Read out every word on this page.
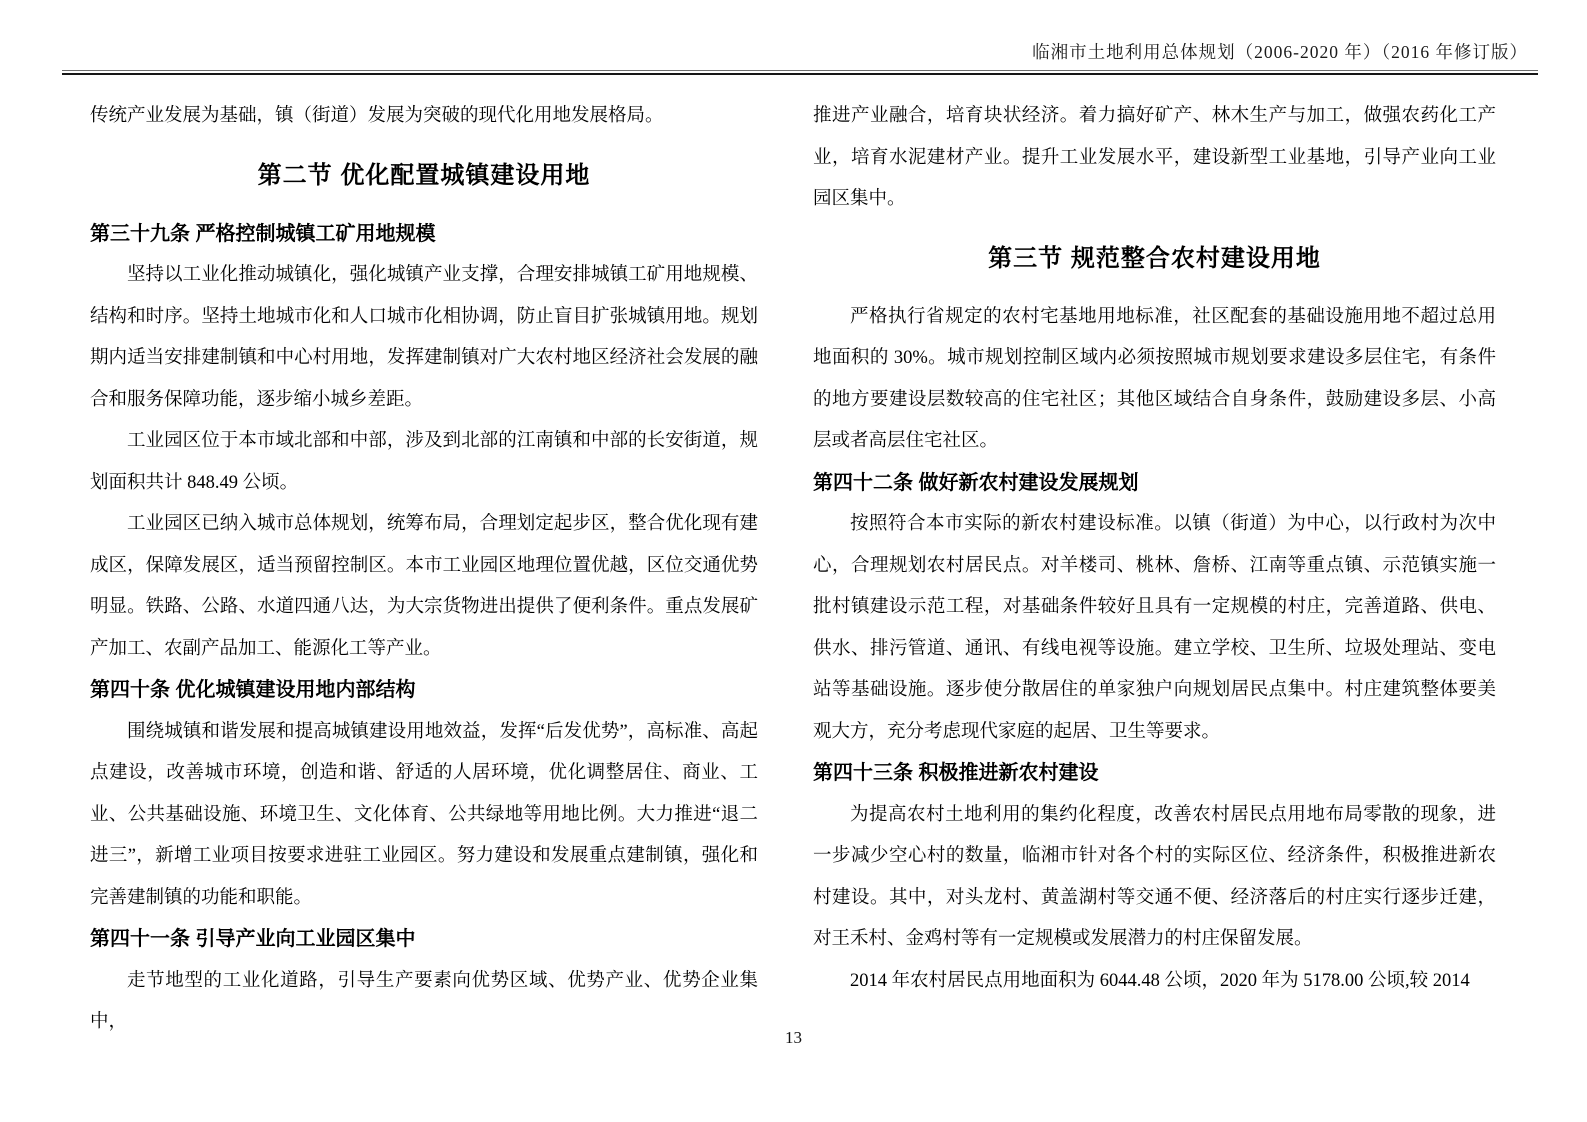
临湘市土地利用总体规划（2006-2020 年）（2016 年修订版）

传统产业发展为基础，镇（街道）发展为突破的现代化用地发展格局。

第二节 优化配置城镇建设用地
第三十九条 严格控制城镇工矿用地规模

坚持以工业化推动城镇化，强化城镇产业支撑，合理安排城镇工矿用地规模、结构和时序。坚持土地城市化和人口城市化相协调，防止盲目扩张城镇用地。规划期内适当安排建制镇和中心村用地，发挥建制镇对广大农村地区经济社会发展的融合和服务保障功能，逐步缩小城乡差距。

工业园区位于本市域北部和中部，涉及到北部的江南镇和中部的长安街道，规划面积共计 848.49 公顷。

工业园区已纳入城市总体规划，统筹布局，合理划定起步区，整合优化现有建成区，保障发展区，适当预留控制区。本市工业园区地理位置优越，区位交通优势明显。铁路、公路、水道四通八达，为大宗货物进出提供了便利条件。重点发展矿产加工、农副产品加工、能源化工等产业。

第四十条 优化城镇建设用地内部结构

围绕城镇和谐发展和提高城镇建设用地效益，发挥“后发优势”，高标准、高起点建设，改善城市环境，创造和谐、舒适的人居环境，优化调整居住、商业、工业、公共基础设施、环境卫生、文化体育、公共绿地等用地比例。大力推进“退二进三”，新增工业项目按要求进驻工业园区。努力建设和发展重点建制镇，强化和完善建制镇的功能和职能。

第四十一条 引导产业向工业园区集中

走节地型的工业化道路，引导生产要素向优势区域、优势产业、优势企业集中，

推进产业融合，培育块状经济。着力搞好矿产、林木生产与加工，做强农药化工产业，培育水泥建材产业。提升工业发展水平，建设新型工业基地，引导产业向工业园区集中。

第三节 规范整合农村建设用地

严格执行省规定的农村宅基地用地标准，社区配套的基础设施用地不超过总用地面积的 30%。城市规划控制区域内必须按照城市规划要求建设多层住宅，有条件的地方要建设层数较高的住宅社区；其他区域结合自身条件，鼓励建设多层、小高层或者高层住宅社区。

第四十二条 做好新农村建设发展规划

按照符合本市实际的新农村建设标准。以镇（街道）为中心，以行政村为次中心，合理规划农村居民点。对羊楼司、桃林、詹桥、江南等重点镇、示范镇实施一批村镇建设示范工程，对基础条件较好且具有一定规模的村庄，完善道路、供电、供水、排污管道、通讯、有线电视等设施。建立学校、卫生所、垃圾处理站、变电站等基础设施。逐步使分散居住的单家独户向规划居民点集中。村庄建筑整体要美观大方，充分考虑现代家庭的起居、卫生等要求。

第四十三条 积极推进新农村建设

为提高农村土地利用的集约化程度，改善农村居民点用地布局零散的现象，进一步减少空心村的数量，临湘市针对各个村的实际区位、经济条件，积极推进新农村建设。其中，对头龙村、黄盖湖村等交通不便、经济落后的村庄实行逐步迁建，对王禾村、金鸡村等有一定规模或发展潜力的村庄保留发展。

2014 年农村居民点用地面积为 6044.48 公顷，2020 年为 5178.00 公顷,较 2014

13
